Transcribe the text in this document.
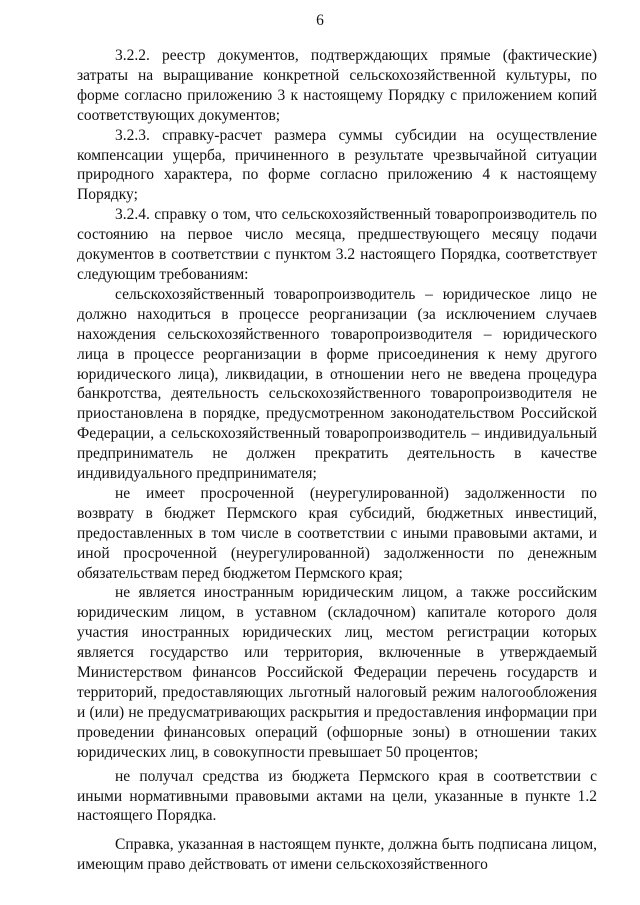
6

3.2.2. реестр документов, подтверждающих прямые (фактические) затраты на выращивание конкретной сельскохозяйственной культуры, по форме согласно приложению 3 к настоящему Порядку с приложением копий соответствующих документов;

3.2.3. справку-расчет размера суммы субсидии на осуществление компенсации ущерба, причиненного в результате чрезвычайной ситуации природного характера, по форме согласно приложению 4 к настоящему Порядку;

3.2.4. справку о том, что сельскохозяйственный товаропроизводитель по состоянию на первое число месяца, предшествующего месяцу подачи документов в соответствии с пунктом 3.2 настоящего Порядка, соответствует следующим требованиям:

сельскохозяйственный товаропроизводитель – юридическое лицо не должно находиться в процессе реорганизации (за исключением случаев нахождения сельскохозяйственного товаропроизводителя – юридического лица в процессе реорганизации в форме присоединения к нему другого юридического лица), ликвидации, в отношении него не введена процедура банкротства, деятельность сельскохозяйственного товаропроизводителя не приостановлена в порядке, предусмотренном законодательством Российской Федерации, а сельскохозяйственный товаропроизводитель – индивидуальный предприниматель не должен прекратить деятельность в качестве индивидуального предпринимателя;

не имеет просроченной (неурегулированной) задолженности по возврату в бюджет Пермского края субсидий, бюджетных инвестиций, предоставленных в том числе в соответствии с иными правовыми актами, и иной просроченной (неурегулированной) задолженности по денежным обязательствам перед бюджетом Пермского края;

не является иностранным юридическим лицом, а также российским юридическим лицом, в уставном (складочном) капитале которого доля участия иностранных юридических лиц, местом регистрации которых является государство или территория, включенные в утверждаемый Министерством финансов Российской Федерации перечень государств и территорий, предоставляющих льготный налоговый режим налогообложения и (или) не предусматривающих раскрытия и предоставления информации при проведении финансовых операций (офшорные зоны) в отношении таких юридических лиц, в совокупности превышает 50 процентов;

не получал средства из бюджета Пермского края в соответствии с иными нормативными правовыми актами на цели, указанные в пункте 1.2 настоящего Порядка.

Справка, указанная в настоящем пункте, должна быть подписана лицом, имеющим право действовать от имени сельскохозяйственного
